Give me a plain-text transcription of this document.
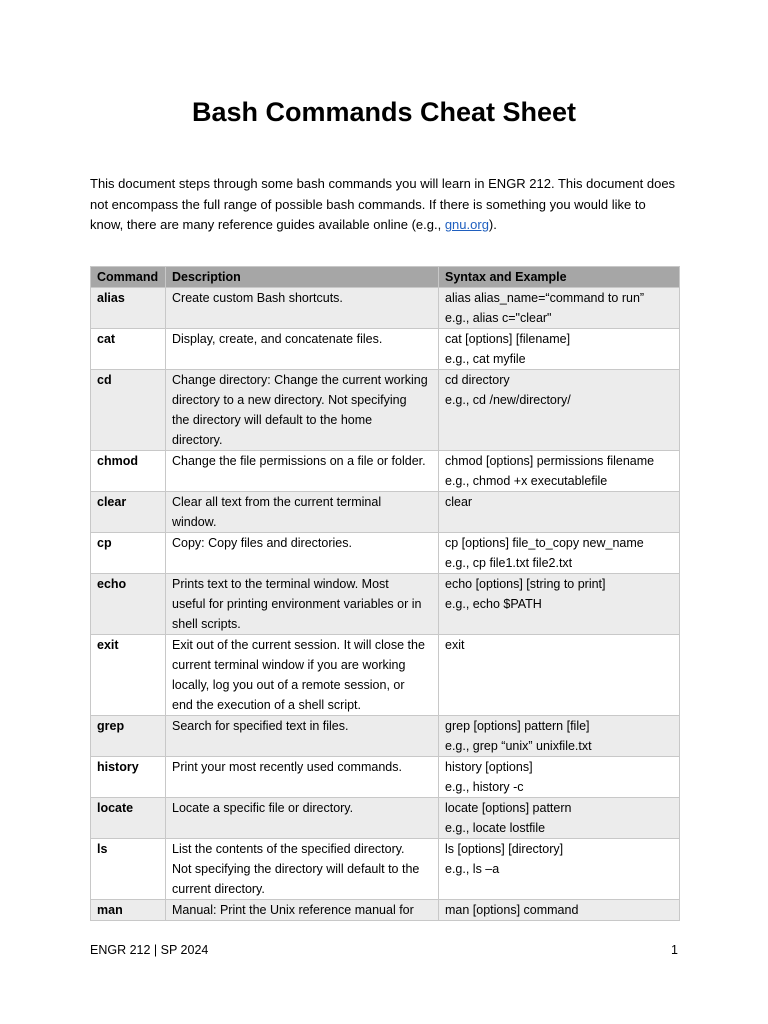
Bash Commands Cheat Sheet

This document steps through some bash commands you will learn in ENGR 212. This document does not encompass the full range of possible bash commands. If there is something you would like to know, there are many reference guides available online (e.g., gnu.org).

Command	Description	Syntax and Example
alias	Create custom Bash shortcuts.	alias alias_name=“command to run”
e.g., alias c="clear"

cat	Display, create, and concatenate files.	cat [options] [filename]
e.g., cat myfile

cd	Change directory: Change the current working
directory to a new directory. Not specifying
the directory will default to the home
directory.	cd directory
e.g., cd /new/directory/

chmod	Change the file permissions on a file or folder.	chmod [options] permissions filename
e.g., chmod +x executablefile

clear	Clear all text from the current terminal
window.	clear

cp	Copy: Copy files and directories.	cp [options] file_to_copy new_name
e.g., cp file1.txt file2.txt

echo	Prints text to the terminal window. Most
useful for printing environment variables or in
shell scripts.	echo [options] [string to print]
e.g., echo $PATH

exit	Exit out of the current session. It will close the
current terminal window if you are working
locally, log you out of a remote session, or
end the execution of a shell script.	exit

grep	Search for specified text in files.	grep [options] pattern [file]
e.g., grep “unix” unixfile.txt

history	Print your most recently used commands.	history [options]
e.g., history -c

locate	Locate a specific file or directory.	locate [options] pattern
e.g., locate lostfile

ls	List the contents of the specified directory.
Not specifying the directory will default to the
current directory.	ls [options] [directory]
e.g., ls –a

man	Manual: Print the Unix reference manual for	man [options] command
ENGR 212 | SP 2024	1
